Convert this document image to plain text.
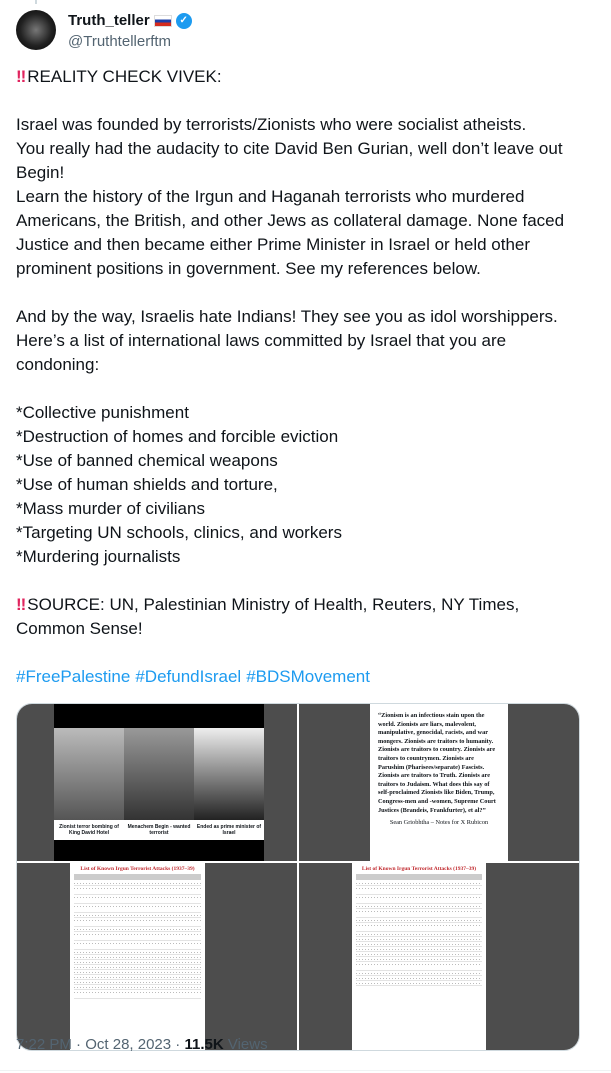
Truth_teller	✓
@Truthtellerftm
‼ REALITY CHECK VIVEK:
Israel was founded by terrorists/Zionists who were socialist atheists.
You really had the audacity to cite David Ben Gurian, well don’t leave out
Begin!
Learn the history of the Irgun and Haganah terrorists who murdered
Americans, the British, and other Jews as collateral damage. None faced
Justice and then became either Prime Minister in Israel or held other
prominent positions in government. See my references below.
And by the way, Israelis hate Indians! They see you as idol worshippers.
Here’s a list of international laws committed by Israel that you are
condoning:
*Collective punishment
*Destruction of homes and forcible eviction
*Use of banned chemical weapons
*Use of human shields and torture,
*Mass murder of civilians
*Targeting UN schools, clinics, and workers
*Murdering journalists
‼ SOURCE: UN, Palestinian Ministry of Health, Reuters, NY Times,
Common Sense!
#FreePalestine #DefundIsrael #BDSMovement
Zionist terror bombing of King David Hotel
Menachem Begin - wanted terrorist
Ended as prime minister of Israel
“Zionism is an infectious stain upon the world. Zionists are liars, malevolent, manipulative, genocidal, racists, and war mongers. Zionists are traitors to humanity. Zionists are traitors to country. Zionists are traitors to countrymen. Zionists are Parushim (Pharisees/separate) Fascists. Zionists are traitors to Truth. Zionists are traitors to Judaism. What does this say of self-proclaimed Zionists like Biden, Trump, Congress-men and -women, Supreme Court Justices (Brandeis, Frankfurter), et al?”
Sean Griobhtha – Notes for X Rubicon
List of Known Irgun Terrorist Attacks (1937–39)	List of Known Irgun Terrorist Attacks (1937–39)
7:22 PM · Oct 28, 2023 · 11.5K Views
